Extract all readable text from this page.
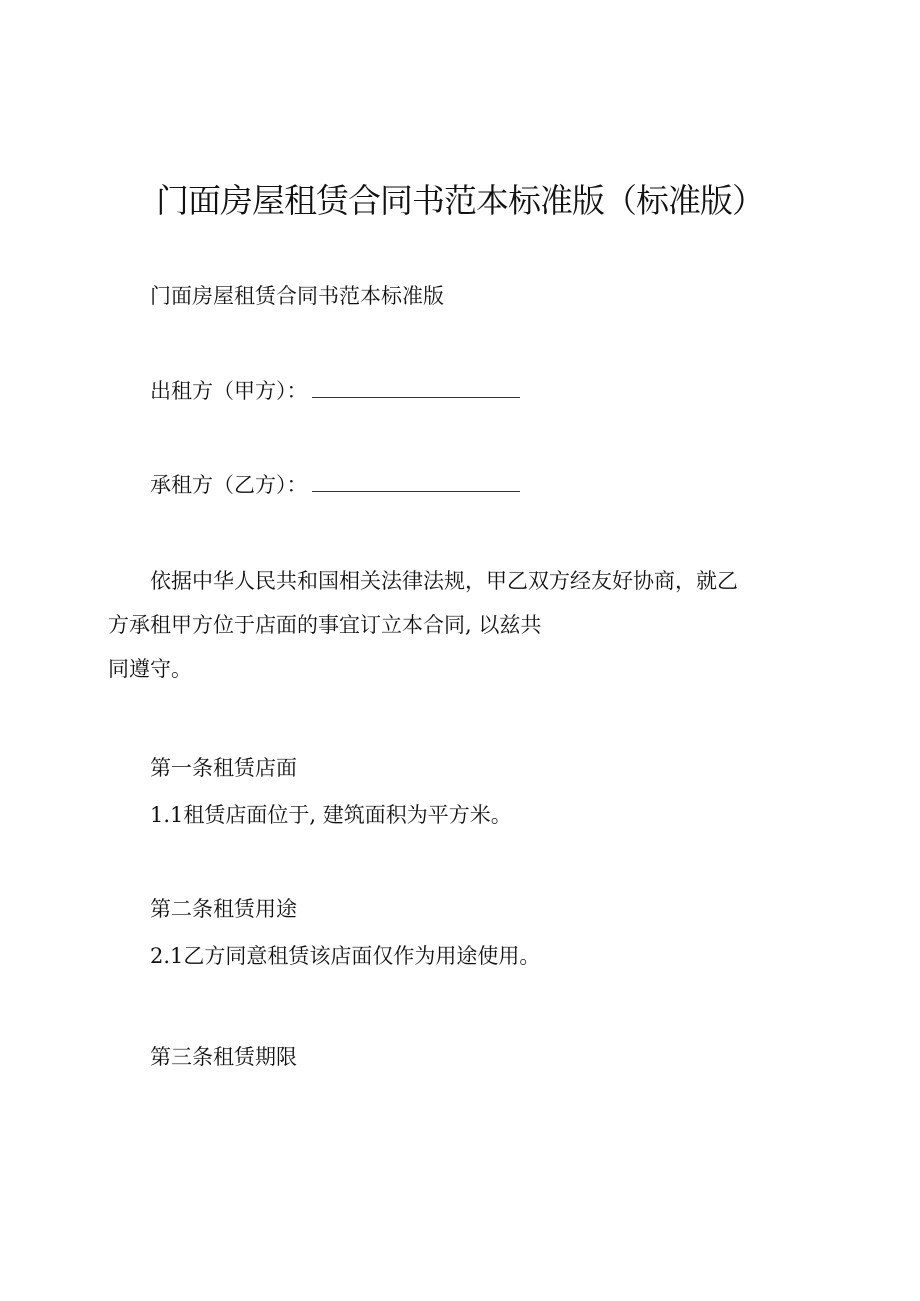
门面房屋租赁合同书范本标准版（标准版）
门面房屋租赁合同书范本标准版
出租方（甲方）：
承租方（乙方）：
依据中华人民共和国相关法律法规，甲乙双方经友好协商，就乙
方承租甲方位于店面的事宜订立本合同, 以兹共
同遵守。
第一条租赁店面
1.1租赁店面位于, 建筑面积为平方米。
第二条租赁用途
2.1乙方同意租赁该店面仅作为用途使用。
第三条租赁期限
